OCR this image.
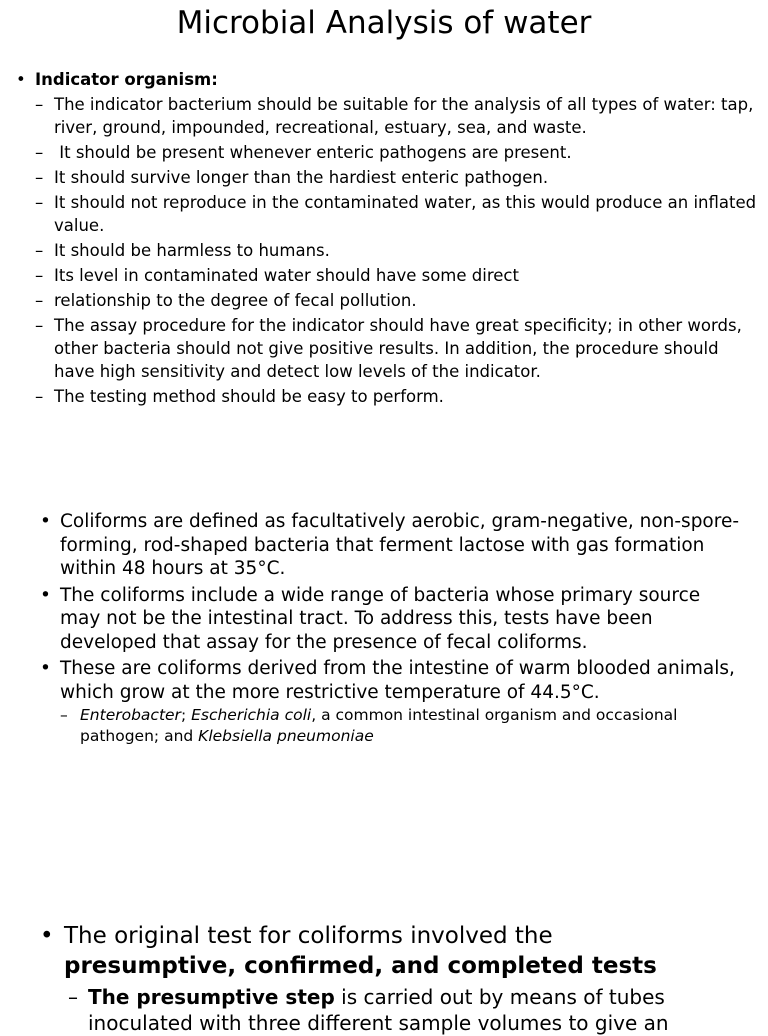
Microbial Analysis of water
• Indicator organism:
– The indicator bacterium should be suitable for the analysis of all types of water: tap, river, ground, impounded, recreational, estuary, sea, and waste.
– It should be present whenever enteric pathogens are present.
– It should survive longer than the hardiest enteric pathogen.
– It should not reproduce in the contaminated water, as this would produce an inflated value.
– It should be harmless to humans.
– Its level in contaminated water should have some direct
– relationship to the degree of fecal pollution.
– The assay procedure for the indicator should have great specificity; in other words, other bacteria should not give positive results. In addition, the procedure should have high sensitivity and detect low levels of the indicator.
– The testing method should be easy to perform.
• Coliforms are defined as facultatively aerobic, gram-negative, non-spore-forming, rod-shaped bacteria that ferment lactose with gas formation within 48 hours at 35°C.
• The coliforms include a wide range of bacteria whose primary source may not be the intestinal tract. To address this, tests have been developed that assay for the presence of fecal coliforms.
• These are coliforms derived from the intestine of warm blooded animals, which grow at the more restrictive temperature of 44.5°C.
– Enterobacter; Escherichia coli, a common intestinal organism and occasional pathogen; and Klebsiella pneumoniae
• The original test for coliforms involved the
presumptive, confirmed, and completed tests
– The presumptive step is carried out by means of tubes inoculated with three different sample volumes to give an
